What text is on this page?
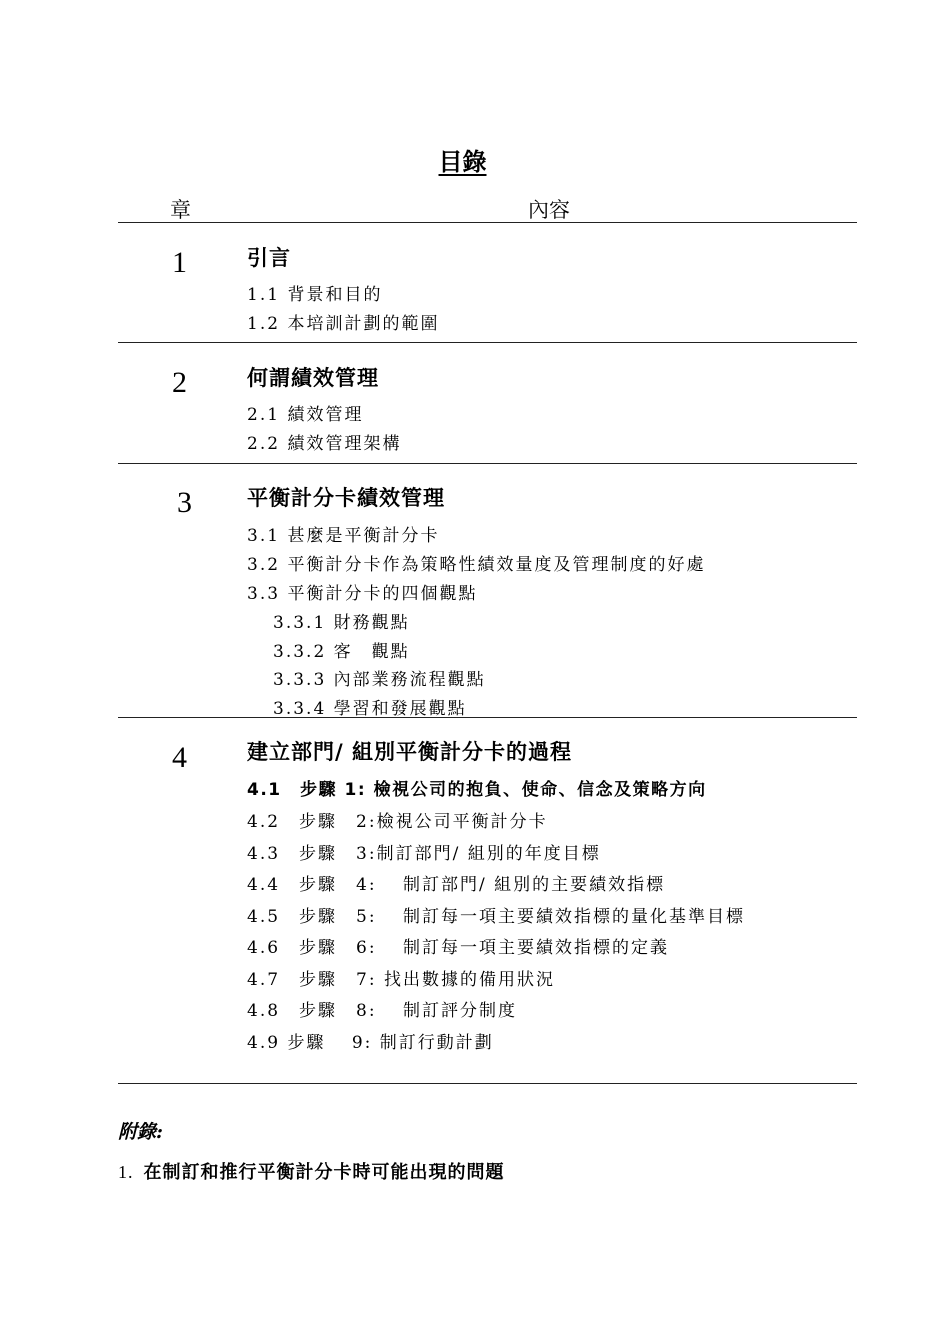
目錄
章	內容
1	引言
1.1 背景和目的
1.2 本培訓計劃的範圍
2	何謂績效管理
2.1 績效管理
2.2 績效管理架構
3	平衡計分卡績效管理
3.1 甚麼是平衡計分卡
3.2 平衡計分卡作為策略性績效量度及管理制度的好處
3.3 平衡計分卡的四個觀點
3.3.1 財務觀點
3.3.2 客　觀點
3.3.3 內部業務流程觀點
3.3.4 學習和發展觀點
4	建立部門/ 組別平衡計分卡的過程
4.1　步驟 1: 檢視公司的抱負、使命、信念及策略方向
4.2　步驟　2:檢視公司平衡計分卡
4.3　步驟　3:制訂部門/ 組別的年度目標
4.4　步驟　4:　 制訂部門/ 組別的主要績效指標
4.5　步驟　5:　 制訂每一項主要績效指標的量化基準目標
4.6　步驟　6:　 制訂每一項主要績效指標的定義
4.7　步驟　7: 找出數據的備用狀況
4.8　步驟　8:　 制訂評分制度
4.9 步驟　 9: 制訂行動計劃
附錄:
1. 在制訂和推行平衡計分卡時可能出現的問題
